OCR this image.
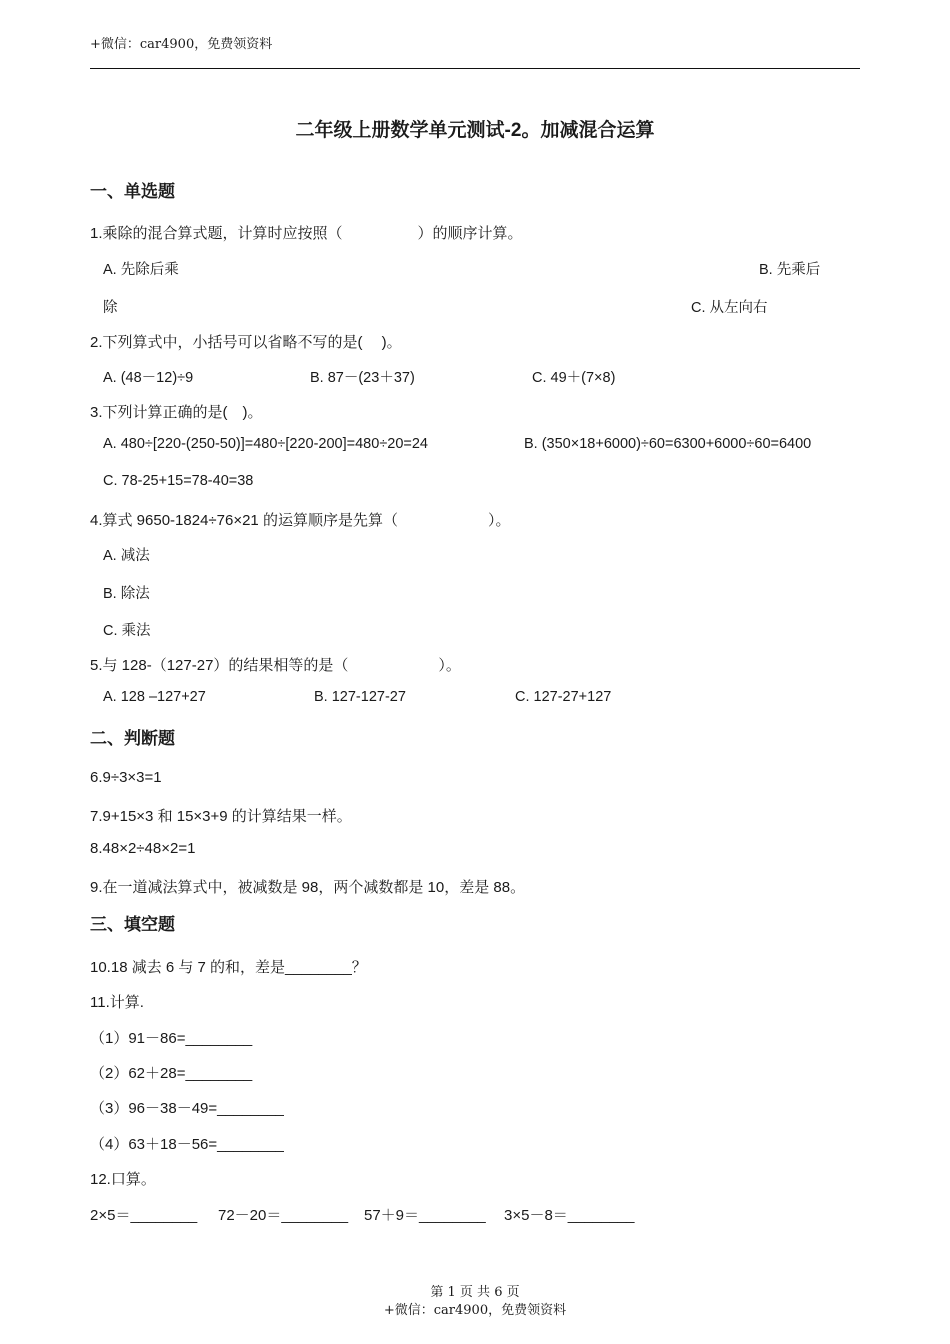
+微信：car4900，免费领资料
二年级上册数学单元测试-2。加减混合运算
一、单选题
1.乘除的混合算式题，计算时应按照（　　　　　）的顺序计算。
A. 先除后乘	B. 先乘后
除	C. 从左向右
2.下列算式中，小括号可以省略不写的是(　 )。
A. (48－12)÷9	B. 87－(23＋37)	C. 49＋(7×8)
3.下列计算正确的是(　)。
A. 480÷[220-(250-50)]=480÷[220-200]=480÷20=24	B. (350×18+6000)÷60=6300+6000÷60=6400
C. 78-25+15=78-40=38
4.算式 9650-1824÷76×21 的运算顺序是先算（　　　　　　）。
A. 减法
B. 除法
C. 乘法
5.与 128-（127-27）的结果相等的是（　　　　　　）。
A. 128 –127+27	B. 127-127-27	C. 127-27+127
二、判断题
6.9÷3×3=1
7.9+15×3 和 15×3+9 的计算结果一样。
8.48×2÷48×2=1
9.在一道减法算式中，被减数是 98，两个减数都是 10，差是 88。
三、填空题
10.18 减去 6 与 7 的和，差是________？
11.计算.
（1）91－86=________
（2）62＋28=________
（3）96－38－49=________
（4）63＋18－56=________
12.口算。
2×5＝________ 72－20＝________ 57＋9＝________ 3×5－8＝________
第 1 页 共 6 页
+微信：car4900，免费领资料
